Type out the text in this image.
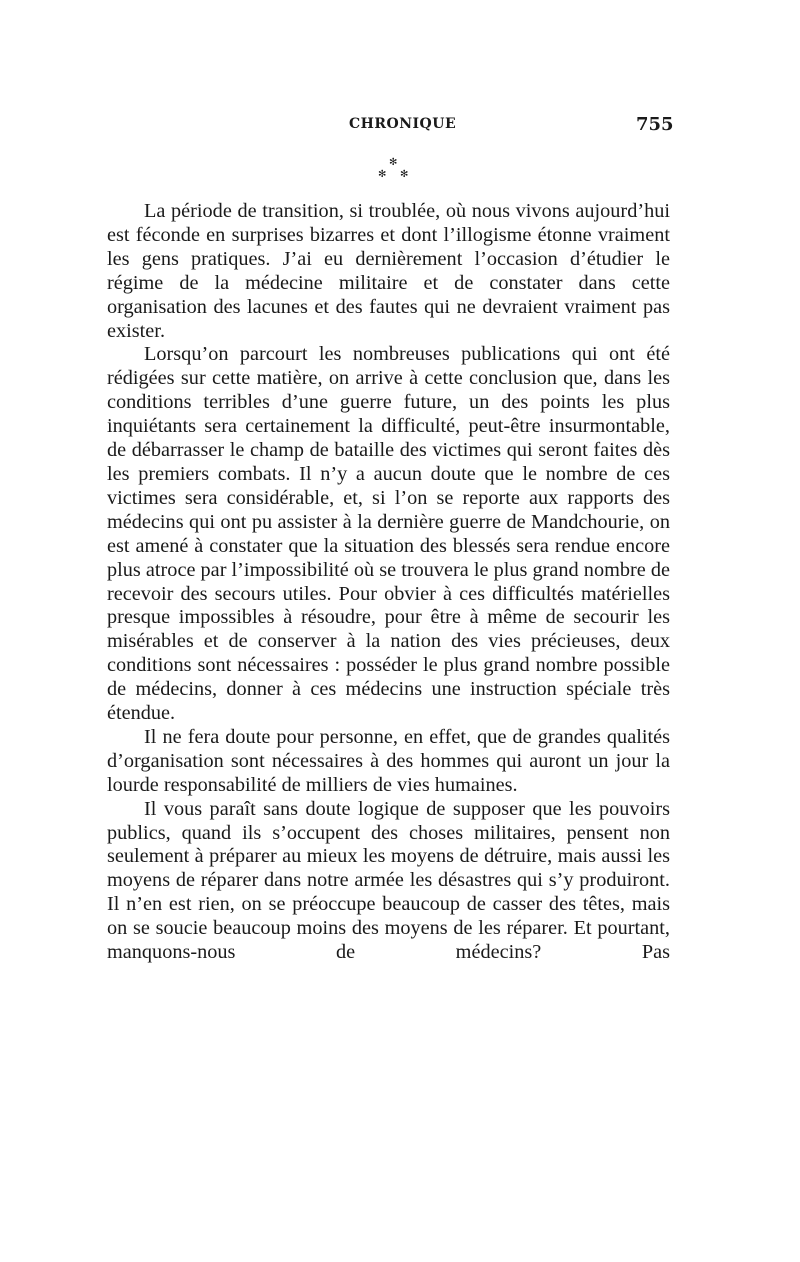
CHRONIQUE	755
✻
✻ ✻

La période de transition, si troublée, où nous vivons aujourd’hui est féconde en surprises bizarres et dont l’illogisme étonne vraiment les gens pratiques. J’ai eu dernièrement l’occasion d’étudier le régime de la médecine militaire et de constater dans cette organisation des lacunes et des fautes qui ne devraient vraiment pas exister.

Lorsqu’on parcourt les nombreuses publications qui ont été rédigées sur cette matière, on arrive à cette conclusion que, dans les conditions terribles d’une guerre future, un des points les plus inquiétants sera certainement la difficulté, peut-être insurmontable, de débarrasser le champ de bataille des victimes qui seront faites dès les premiers combats. Il n’y a aucun doute que le nombre de ces victimes sera considérable, et, si l’on se reporte aux rapports des médecins qui ont pu assister à la dernière guerre de Mandchourie, on est amené à constater que la situation des blessés sera rendue encore plus atroce par l’impossibilité où se trouvera le plus grand nombre de recevoir des secours utiles. Pour obvier à ces difficultés matérielles presque impossibles à résoudre, pour être à même de secourir les misérables et de conserver à la nation des vies précieuses, deux conditions sont nécessaires : posséder le plus grand nombre possible de médecins, donner à ces médecins une instruction spéciale très étendue.

Il ne fera doute pour personne, en effet, que de grandes qualités d’organisation sont nécessaires à des hommes qui auront un jour la lourde responsabilité de milliers de vies humaines.

Il vous paraît sans doute logique de supposer que les pouvoirs publics, quand ils s’occupent des choses militaires, pensent non seulement à préparer au mieux les moyens de détruire, mais aussi les moyens de réparer dans notre armée les désastres qui s’y produiront. Il n’en est rien, on se préoccupe beaucoup de casser des têtes, mais on se soucie beaucoup moins des moyens de les réparer. Et pourtant, manquons-nous de médecins? Pas
